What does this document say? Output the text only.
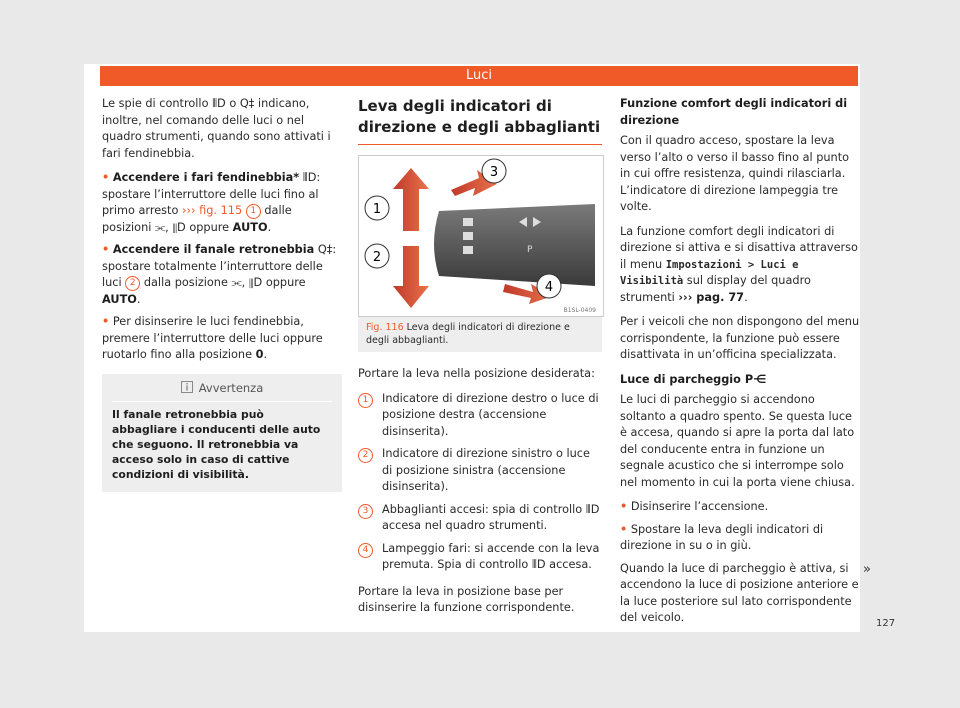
Luci

Le spie di controllo ⦀D o Q‡ indicano, inoltre, nel comando delle luci o nel quadro strumenti, quando sono attivati i fari fendinebbia.

• Accendere i fari fendinebbia* ⦀D: spostare l’interruttore delle luci fino al primo arresto ››› fig. 115 1 dalle posizioni ⫘, ⦀D oppure AUTO.

• Accendere il fanale retronebbia Q‡: spostare totalmente l’interruttore delle luci 2 dalla posizione ⫘, ⦀D oppure AUTO.

• Per disinserire le luci fendinebbia, premere l’interruttore delle luci oppure ruotarlo fino alla posizione 0.

Avvertenza
Il fanale retronebbia può abbagliare i conducenti delle auto che seguono. Il retronebbia va acceso solo in caso di cattive condizioni di visibilità.
Leva degli indicatori di direzione e degli abbaglianti
P
1
2
3
4
B1SL-0409
Fig. 116 Leva degli indicatori di direzione e degli abbaglianti.

Portare la leva nella posizione desiderata:

1	Indicatore di direzione destro o luce di posizione destra (accensione disinserita).
2	Indicatore di direzione sinistro o luce di posizione sinistra (accensione disinserita).
3	Abbaglianti accesi: spia di controllo ⦀D accesa nel quadro strumenti.
4	Lampeggio fari: si accende con la leva premuta. Spia di controllo ⦀D accesa.

Portare la leva in posizione base per disinserire la funzione corrispondente.

Funzione comfort degli indicatori di direzione

Con il quadro acceso, spostare la leva verso l’alto o verso il basso fino al punto in cui offre resistenza, quindi rilasciarla. L’indicatore di direzione lampeggia tre volte.

La funzione comfort degli indicatori di direzione si attiva e si disattiva attraverso il menu Impostazioni > Luci e Visibilità sul display del quadro strumenti ››› pag. 77.

Per i veicoli che non dispongono del menu corrispondente, la funzione può essere disattivata in un’officina specializzata.

Luce di parcheggio P⋲

Le luci di parcheggio si accendono soltanto a quadro spento. Se questa luce è accesa, quando si apre la porta dal lato del conducente entra in funzione un segnale acustico che si interrompe solo nel momento in cui la porta viene chiusa.

• Disinserire l’accensione.

• Spostare la leva degli indicatori di direzione in su o in giù.

Quando la luce di parcheggio è attiva, si accendono la luce di posizione anteriore e la luce posteriore sul lato corrispondente del veicolo.

»
127
